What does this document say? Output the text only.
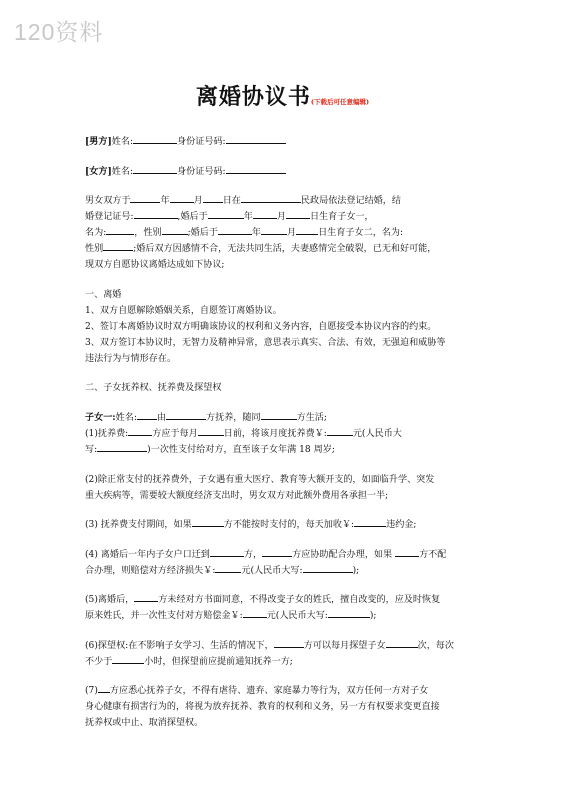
120资料
离婚协议书(下载后可任意编辑)
[男方]姓名:	身份证号码:
[女方]姓名:	身份证号码:
男女双方于	年	月 日在	民政局依法登记结婚，结
婚登记证号:	,婚后于	年	月	日生育子女一，
名为:	，性别	;婚后于	年	月 日生育子女二，名为:
性别	;婚后双方因感情不合，无法共同生活，夫妻感情完全破裂，已无和好可能，
现双方自愿协议离婚达成如下协议;
一、离婚
1、双方自愿解除婚姻关系，自愿签订离婚协议。
2、签订本离婚协议时双方明确该协议的权利和义务内容，自愿接受本协议内容的约束。
3、双方签订本协议时，无智力及精神异常，意思表示真实、合法、有效，无强迫和威胁等
违法行为与情形存在。
二、子女抚养权、抚养费及探望权
子女一:姓名: 由	方抚养，随同	方生活;
(1)抚养费:	方应于每月	日前，将该月度抚养费￥:	元(人民币大
写:	)一次性支付给对方，直至该子女年满 18 周岁;
(2)除正常支付的抚养费外，子女遇有重大医疗、教育等大额开支的，如面临升学、突发
重大疾病等，需要较大额度经济支出时，男女双方对此额外费用各承担一半;
(3) 抚养费支付期间，如果	方不能按时支付的，每天加收￥:	违约金;
(4) 离婚后一年内子女户口迁到	方，	方应协助配合办理，如果	方不配
合办理，则赔偿对方经济损失￥:	元(人民币大写:	);
(5)离婚后，	方未经对方书面同意，不得改变子女的姓氏，擅自改变的，应及时恢复
原来姓氏，并一次性支付对方赔偿金￥:	元(人民币大写:	);
(6)探望权:在不影响子女学习、生活的情况下，	方可以每月探望子女	次，每次
不少于	小时，但探望前应提前通知抚养一方;
(7) 方应悉心抚养子女，不得有虐待、遗弃、家庭暴力等行为，双方任何一方对子女
身心健康有损害行为的，将视为放弃抚养、教育的权利和义务，另一方有权要求变更直接
抚养权或中止、取消探望权。
